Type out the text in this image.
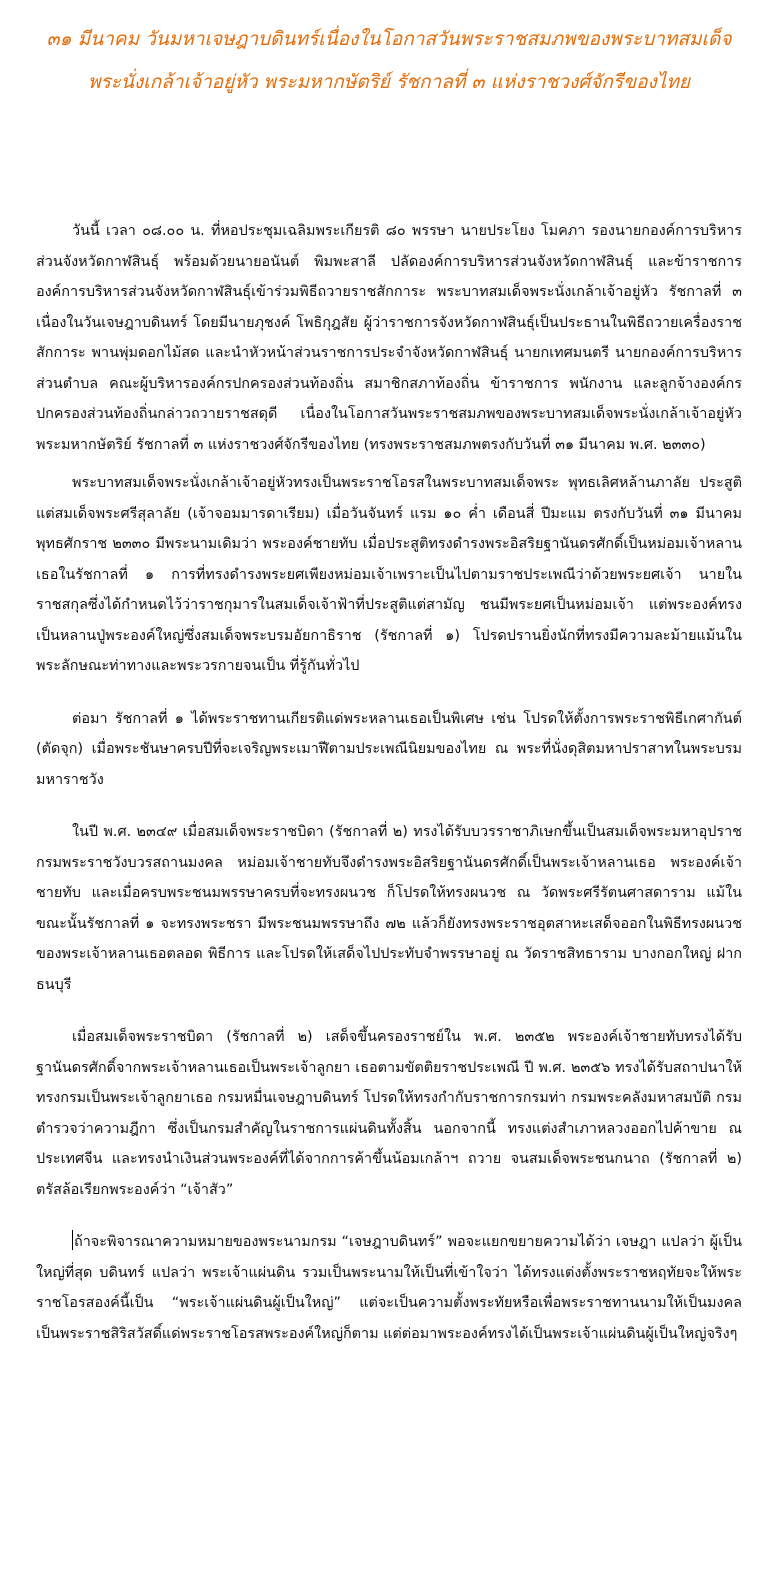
๓๑ มีนาคม วันมหาเจษฎาบดินทร์เนื่องในโอกาสวันพระราชสมภพของพระบาทสมเด็จพระนั่งเกล้าเจ้าอยู่หัว พระมหากษัตริย์ รัชกาลที่ ๓ แห่งราชวงศ์จักรีของไทย

วันนี้ เวลา ๐๘.๐๐ น. ที่หอประชุมเฉลิมพระเกียรติ ๘๐ พรรษา นายประโยง โมคภา รองนายกองค์การบริหารส่วนจังหวัดกาฬสินธุ์ พร้อมด้วยนายอนันต์ พิมพะสาลี ปลัดองค์การบริหารส่วนจังหวัดกาฬสินธุ์ และข้าราชการองค์การบริหารส่วนจังหวัดกาฬสินธุ์เข้าร่วมพิธีถวายราชสักการะ พระบาทสมเด็จพระนั่งเกล้าเจ้าอยู่หัว รัชกาลที่ ๓ เนื่องในวันเจษฎาบดินทร์ โดยมีนายภุชงค์ โพธิกุฎสัย ผู้ว่าราชการจังหวัดกาฬสินธุ์เป็นประธานในพิธีถวายเครื่องราชสักการะ พานพุ่มดอกไม้สด และนำหัวหน้าส่วนราชการประจำจังหวัดกาฬสินธุ์ นายกเทศมนตรี นายกองค์การบริหารส่วนตำบล คณะผู้บริหารองค์กรปกครองส่วนท้องถิ่น สมาชิกสภาท้องถิ่น ข้าราชการ พนักงาน และลูกจ้างองค์กรปกครองส่วนท้องถิ่นกล่าวถวายราชสดุดี เนื่องในโอกาสวันพระราชสมภพของพระบาทสมเด็จพระนั่งเกล้าเจ้าอยู่หัว พระมหากษัตริย์ รัชกาลที่ ๓ แห่งราชวงศ์จักรีของไทย (ทรงพระราชสมภพตรงกับวันที่ ๓๑ มีนาคม พ.ศ. ๒๓๓๐)

พระบาทสมเด็จพระนั่งเกล้าเจ้าอยู่หัวทรงเป็นพระราชโอรสในพระบาทสมเด็จพระ พุทธเลิศหล้านภาลัย ประสูติแต่สมเด็จพระศรีสุลาลัย (เจ้าจอมมารดาเรียม) เมื่อวันจันทร์ แรม ๑๐ ค่ำ เดือนสี่ ปีมะแม ตรงกับวันที่ ๓๑ มีนาคม พุทธศักราช ๒๓๓๐ มีพระนามเดิมว่า พระองค์ชายทับ เมื่อประสูติทรงดำรงพระอิสริยฐานันดรศักดิ์เป็นหม่อมเจ้าหลานเธอในรัชกาลที่ ๑ การที่ทรงดำรงพระยศเพียงหม่อมเจ้าเพราะเป็นไปตามราชประเพณีว่าด้วยพระยศเจ้า นายในราชสกุลซึ่งได้กำหนดไว้ว่าราชกุมารในสมเด็จเจ้าฟ้าที่ประสูติแต่สามัญ ชนมีพระยศเป็นหม่อมเจ้า แต่พระองค์ทรงเป็นหลานปู่พระองค์ใหญ่ซึ่งสมเด็จพระบรมอัยกาธิราช (รัชกาลที่ ๑) โปรดปรานยิ่งนักที่ทรงมีความละม้ายแม้นในพระลักษณะท่าทางและพระวรกายจนเป็น ที่รู้กันทั่วไป

ต่อมา รัชกาลที่ ๑ ได้พระราชทานเกียรติแด่พระหลานเธอเป็นพิเศษ เช่น โปรดให้ตั้งการพระราชพิธีเกศากันต์ (ตัดจุก) เมื่อพระชันษาครบปีที่จะเจริญพระเมาฬีตามประเพณีนิยมของไทย ณ พระที่นั่งดุสิตมหาปราสาทในพระบรมมหาราชวัง

ในปี พ.ศ. ๒๓๔๙ เมื่อสมเด็จพระราชบิดา (รัชกาลที่ ๒) ทรงได้รับบวรราชาภิเษกขึ้นเป็นสมเด็จพระมหาอุปราชกรมพระราชวังบวรสถานมงคล หม่อมเจ้าชายทับจึงดำรงพระอิสริยฐานันดรศักดิ์เป็นพระเจ้าหลานเธอ พระองค์เจ้าชายทับ และเมื่อครบพระชนมพรรษาครบที่จะทรงผนวช ก็โปรดให้ทรงผนวช ณ วัดพระศรีรัตนศาสดาราม แม้ในขณะนั้นรัชกาลที่ ๑ จะทรงพระชรา มีพระชนมพรรษาถึง ๗๒ แล้วก็ยังทรงพระราชอุตสาหะเสด็จออกในพิธีทรงผนวชของพระเจ้าหลานเธอตลอด พิธีการ และโปรดให้เสด็จไปประทับจำพรรษาอยู่ ณ วัดราชสิทธาราม บางกอกใหญ่ ฝากธนบุรี

เมื่อสมเด็จพระราชบิดา (รัชกาลที่ ๒) เสด็จขึ้นครองราชย์ใน พ.ศ. ๒๓๕๒ พระองค์เจ้าชายทับทรงได้รับฐานันดรศักดิ์จากพระเจ้าหลานเธอเป็นพระเจ้าลูกยา เธอตามขัตติยราชประเพณี ปี พ.ศ. ๒๓๕๖ ทรงได้รับสถาปนาให้ทรงกรมเป็นพระเจ้าลูกยาเธอ กรมหมื่นเจษฎาบดินทร์ โปรดให้ทรงกำกับราชการกรมท่า กรมพระคลังมหาสมบัติ กรมตำรวจว่าความฎีกา ซึ่งเป็นกรมสำคัญในราชการแผ่นดินทั้งสิ้น นอกจากนี้ ทรงแต่งสำเภาหลวงออกไปค้าขาย ณ ประเทศจีน และทรงนำเงินส่วนพระองค์ที่ได้จากการค้าขึ้นน้อมเกล้าฯ ถวาย จนสมเด็จพระชนกนาถ (รัชกาลที่ ๒) ตรัสล้อเรียกพระองค์ว่า “เจ้าสัว”

ถ้าจะพิจารณาความหมายของพระนามกรม “เจษฎาบดินทร์” พอจะแยกขยายความได้ว่า เจษฎา แปลว่า ผู้เป็นใหญ่ที่สุด บดินทร์ แปลว่า พระเจ้าแผ่นดิน รวมเป็นพระนามให้เป็นที่เข้าใจว่า ได้ทรงแต่งตั้งพระราชหฤทัยจะให้พระราชโอรสองค์นี้เป็น “พระเจ้าแผ่นดินผู้เป็นใหญ่” แต่จะเป็นความตั้งพระทัยหรือเพื่อพระราชทานนามให้เป็นมงคล เป็นพระราชสิริสวัสดิ์แด่พระราชโอรสพระองค์ใหญ่ก็ตาม แต่ต่อมาพระองค์ทรงได้เป็นพระเจ้าแผ่นดินผู้เป็นใหญ่จริงๆ
